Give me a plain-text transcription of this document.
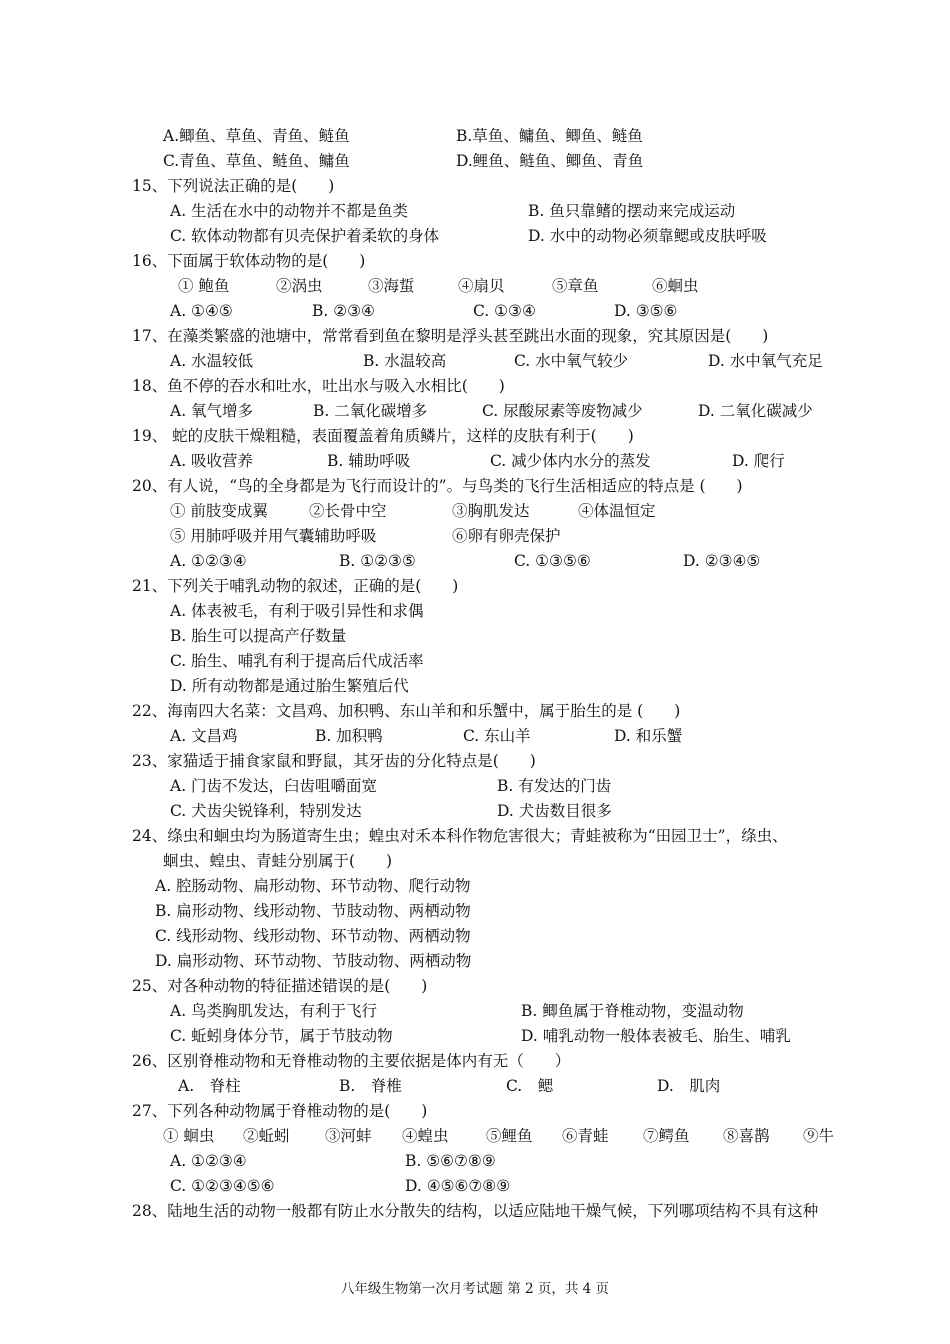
A.鲫鱼、草鱼、青鱼、鲢鱼	B.草鱼、鳙鱼、鲫鱼、鲢鱼
C.青鱼、草鱼、鲢鱼、鳙鱼	D.鲤鱼、鲢鱼、鲫鱼、青鱼
15、下列说法正确的是(　　)
A. 生活在水中的动物并不都是鱼类	B. 鱼只靠鳍的摆动来完成运动
C. 软体动物都有贝壳保护着柔软的身体	D. 水中的动物必须靠鳃或皮肤呼吸
16、下面属于软体动物的是(　　)
① 鲍鱼	②涡虫	③海蜇	④扇贝	⑤章鱼	⑥蛔虫
A. ①④⑤	B. ②③④	C. ①③④	D. ③⑤⑥
17、在藻类繁盛的池塘中，常常看到鱼在黎明是浮头甚至跳出水面的现象，究其原因是(　　)
A. 水温较低	B. 水温较高	C. 水中氧气较少	D. 水中氧气充足
18、鱼不停的吞水和吐水，吐出水与吸入水相比(　　)
A. 氧气增多	B. 二氧化碳增多	C. 尿酸尿素等废物减少	D. 二氧化碳减少
19、 蛇的皮肤干燥粗糙，表面覆盖着角质鳞片，这样的皮肤有利于(　　)
A. 吸收营养	B. 辅助呼吸	C. 减少体内水分的蒸发	D. 爬行
20、有人说，“鸟的全身都是为飞行而设计的”。与鸟类的飞行生活相适应的特点是 (　　)
① 前肢变成翼	②长骨中空	③胸肌发达	④体温恒定
⑤ 用肺呼吸并用气囊辅助呼吸	⑥卵有卵壳保护
A. ①②③④	B. ①②③⑤	C. ①③⑤⑥	D. ②③④⑤
21、下列关于哺乳动物的叙述，正确的是(　　)
A. 体表被毛，有利于吸引异性和求偶
B. 胎生可以提高产仔数量
C. 胎生、哺乳有利于提高后代成活率
D. 所有动物都是通过胎生繁殖后代
22、海南四大名菜：文昌鸡、加积鸭、东山羊和和乐蟹中，属于胎生的是 (　　)
A. 文昌鸡	B. 加积鸭	C. 东山羊	D. 和乐蟹
23、家猫适于捕食家鼠和野鼠，其牙齿的分化特点是(　　)
A. 门齿不发达，臼齿咀嚼面宽	B. 有发达的门齿
C. 犬齿尖锐锋利，特别发达	D. 犬齿数目很多
24、绦虫和蛔虫均为肠道寄生虫；蝗虫对禾本科作物危害很大；青蛙被称为“田园卫士”，绦虫、
蛔虫、蝗虫、青蛙分别属于(　　)
A. 腔肠动物、扁形动物、环节动物、爬行动物
B. 扁形动物、线形动物、节肢动物、两栖动物
C. 线形动物、线形动物、环节动物、两栖动物
D. 扁形动物、环节动物、节肢动物、两栖动物
25、对各种动物的特征描述错误的是(　　)
A. 鸟类胸肌发达，有利于飞行	B. 鲫鱼属于脊椎动物，变温动物
C. 蚯蚓身体分节，属于节肢动物	D. 哺乳动物一般体表被毛、胎生、哺乳
26、区别脊椎动物和无脊椎动物的主要依据是体内有无（　　）
A.　脊柱	B.　脊椎	C.　鳃	D.　肌肉
27、下列各种动物属于脊椎动物的是(　　)
① 蛔虫 ②蚯蚓 ③河蚌 ④蝗虫 ⑤鲤鱼 ⑥青蛙 ⑦鳄鱼 ⑧喜鹊 ⑨牛
A. ①②③④	B. ⑤⑥⑦⑧⑨
C. ①②③④⑤⑥	D. ④⑤⑥⑦⑧⑨
28、陆地生活的动物一般都有防止水分散失的结构，以适应陆地干燥气候，下列哪项结构不具有这种
八年级生物第一次月考试题 第 2 页，共 4 页
